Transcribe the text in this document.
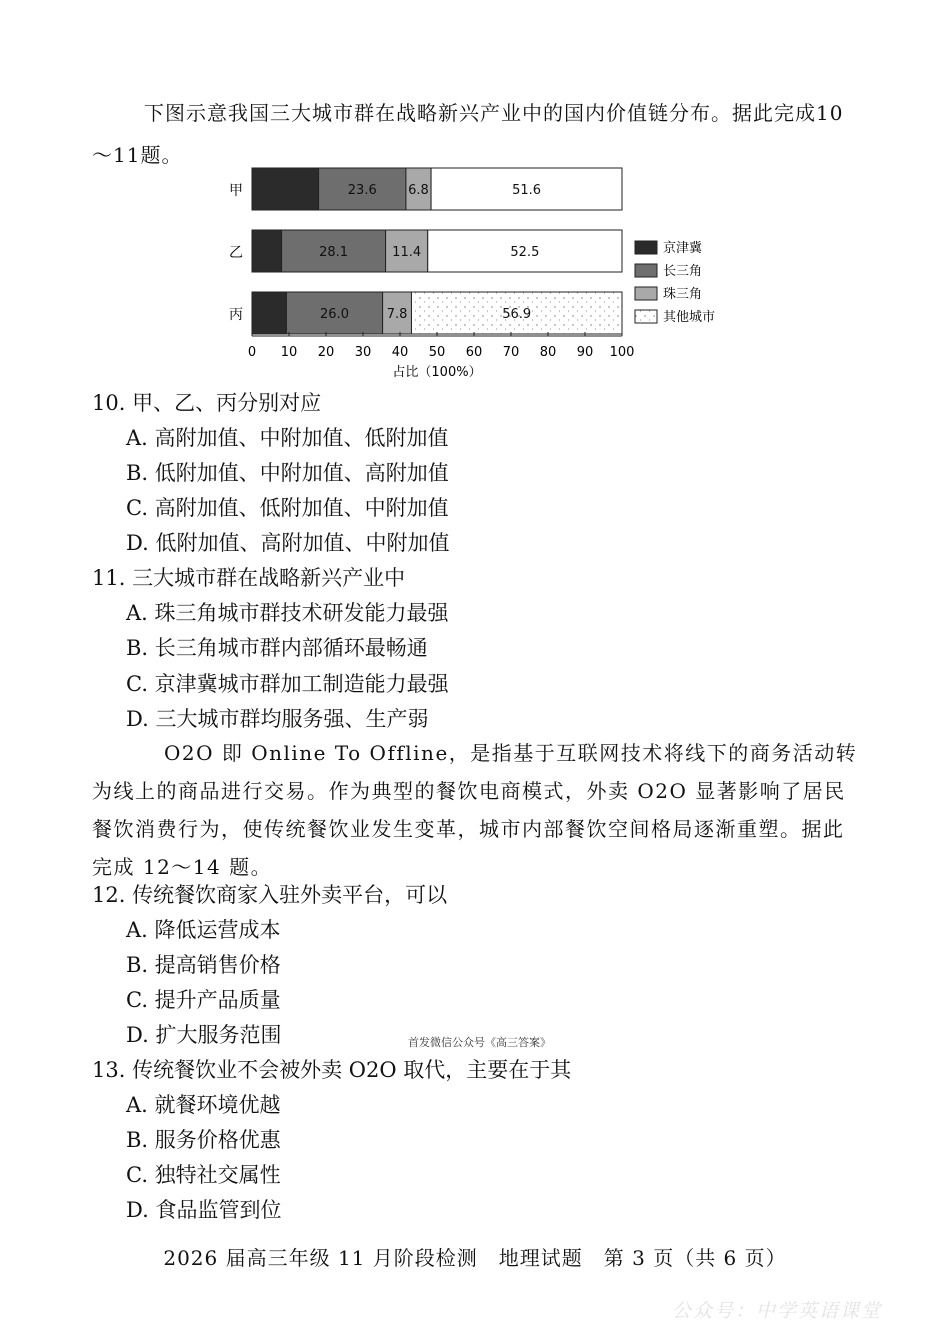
下图示意我国三大城市群在战略新兴产业中的国内价值链分布。据此完成10～11题。
甲	23.6 6.8	51.6
乙	28.1	11.4	52.5
丙	26.0	7.8	56.9
0 10 20 30 40 50 60 70 80 90 100
占比（100%）
京津冀
长三角
珠三角
其他城市
10. 甲、乙、丙分别对应
A. 高附加值、中附加值、低附加值
B. 低附加值、中附加值、高附加值
C. 高附加值、低附加值、中附加值
D. 低附加值、高附加值、中附加值
11. 三大城市群在战略新兴产业中
A. 珠三角城市群技术研发能力最强
B. 长三角城市群内部循环最畅通
C. 京津冀城市群加工制造能力最强
D. 三大城市群均服务强、生产弱
O2O 即 Online To Offline，是指基于互联网技术将线下的商务活动转为线上的商品进行交易。作为典型的餐饮电商模式，外卖 O2O 显著影响了居民餐饮消费行为，使传统餐饮业发生变革，城市内部餐饮空间格局逐渐重塑。据此完成 12～14 题。
12. 传统餐饮商家入驻外卖平台，可以
A. 降低运营成本
B. 提高销售价格
C. 提升产品质量
D. 扩大服务范围	首发微信公众号《高三答案》
13. 传统餐饮业不会被外卖 O2O 取代，主要在于其
A. 就餐环境优越
B. 服务价格优惠
C. 独特社交属性
D. 食品监管到位
2026 届高三年级 11 月阶段检测　地理试题　第 3 页（共 6 页）
公众号：中学英语课堂
